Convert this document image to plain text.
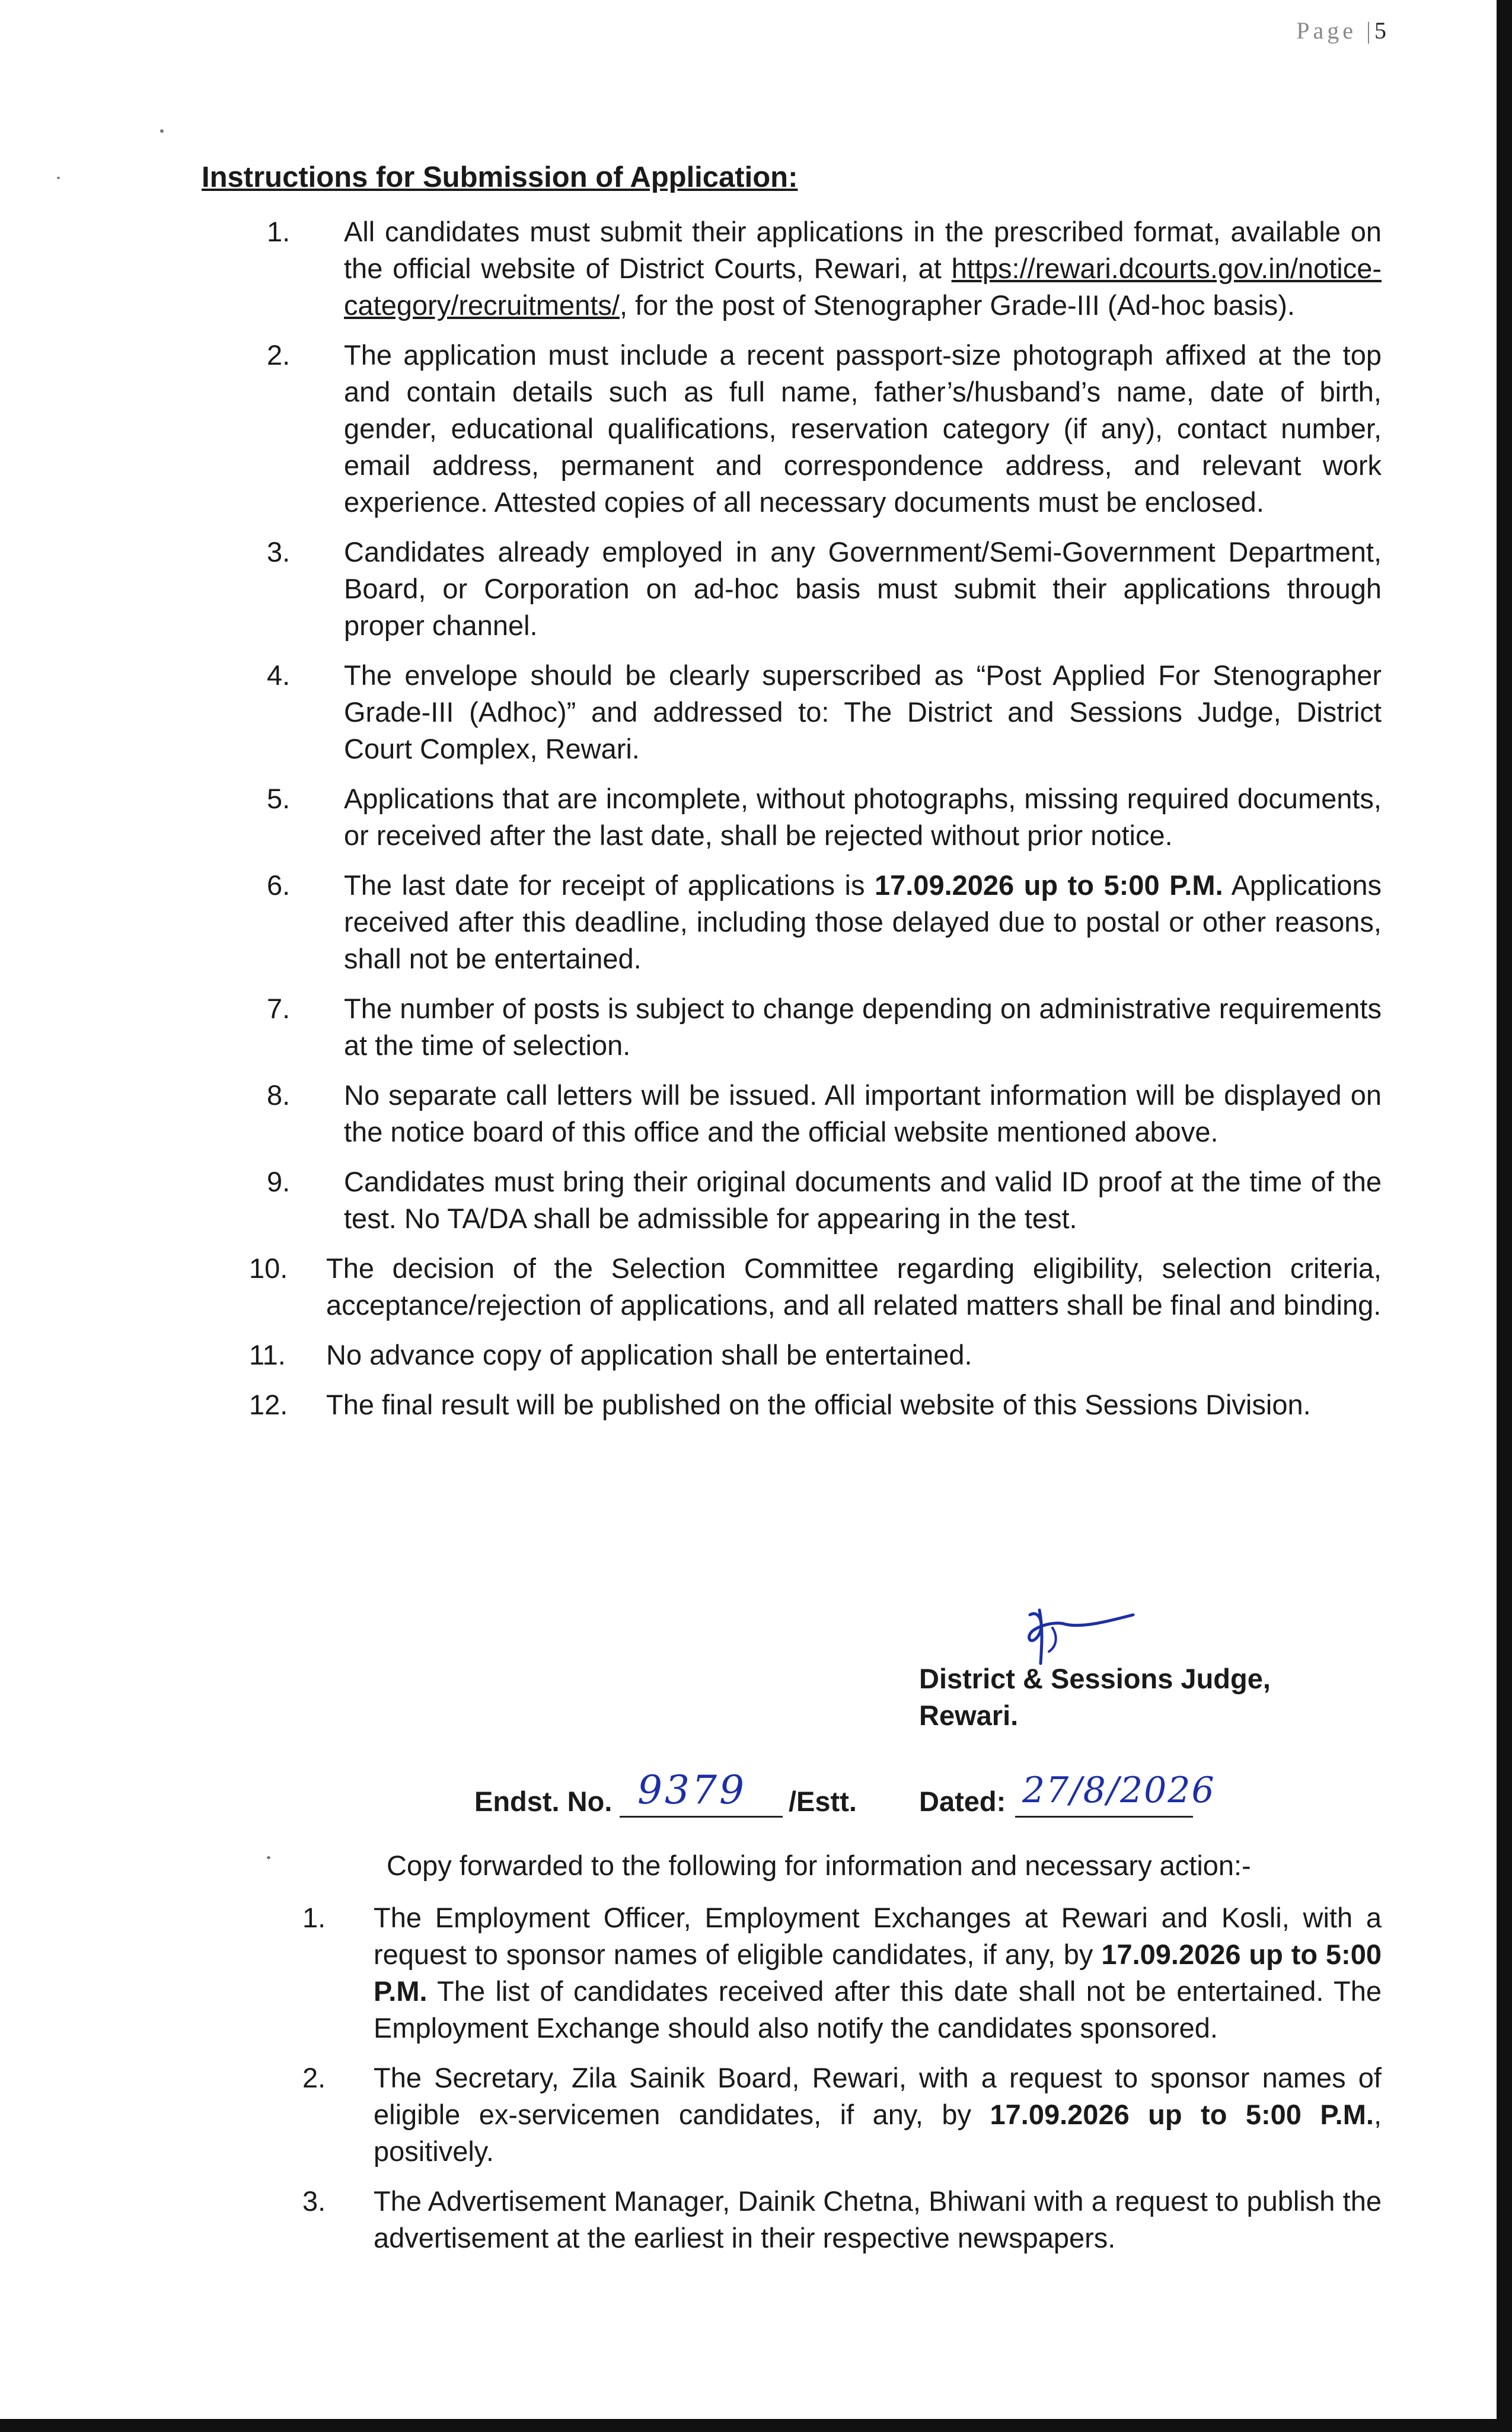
Page |5
Instructions for Submission of Application:
1.	All candidates must submit their applications in the prescribed format, available on the official website of District Courts, Rewari, at https://rewari.dcourts.gov.in/notice-category/recruitments/, for the post of Stenographer Grade-III (Ad-hoc basis).
2.	The application must include a recent passport-size photograph affixed at the top and contain details such as full name, father’s/husband’s name, date of birth, gender, educational qualifications, reservation category (if any), contact number, email address, permanent and correspondence address, and relevant work experience. Attested copies of all necessary documents must be enclosed.
3.	Candidates already employed in any Government/Semi-Government Department, Board, or Corporation on ad-hoc basis must submit their applications through proper channel.
4.	The envelope should be clearly superscribed as “Post Applied For Stenographer Grade-III (Adhoc)” and addressed to: The District and Sessions Judge, District Court Complex, Rewari.
5.	Applications that are incomplete, without photographs, missing required documents, or received after the last date, shall be rejected without prior notice.
6.	The last date for receipt of applications is 17.09.2026 up to 5:00 P.M. Applications received after this deadline, including those delayed due to postal or other reasons, shall not be entertained.
7.	The number of posts is subject to change depending on administrative requirements at the time of selection.
8.	No separate call letters will be issued. All important information will be displayed on the notice board of this office and the official website mentioned above.
9.	Candidates must bring their original documents and valid ID proof at the time of the test. No TA/DA shall be admissible for appearing in the test.
10.	The decision of the Selection Committee regarding eligibility, selection criteria, acceptance/rejection of applications, and all related matters shall be final and binding.
11.	No advance copy of application shall be entertained.
12.	The final result will be published on the official website of this Sessions Division.
District & Sessions Judge,
Rewari.
Endst. No. 9379 /Estt. Dated: 27/8/2026
Copy forwarded to the following for information and necessary action:-
1.	The Employment Officer, Employment Exchanges at Rewari and Kosli, with a request to sponsor names of eligible candidates, if any, by 17.09.2026 up to 5:00 P.M. The list of candidates received after this date shall not be entertained. The Employment Exchange should also notify the candidates sponsored.
2.	The Secretary, Zila Sainik Board, Rewari, with a request to sponsor names of eligible ex-servicemen candidates, if any, by 17.09.2026 up to 5:00 P.M., positively.
3.	The Advertisement Manager, Dainik Chetna, Bhiwani with a request to publish the advertisement at the earliest in their respective newspapers.
